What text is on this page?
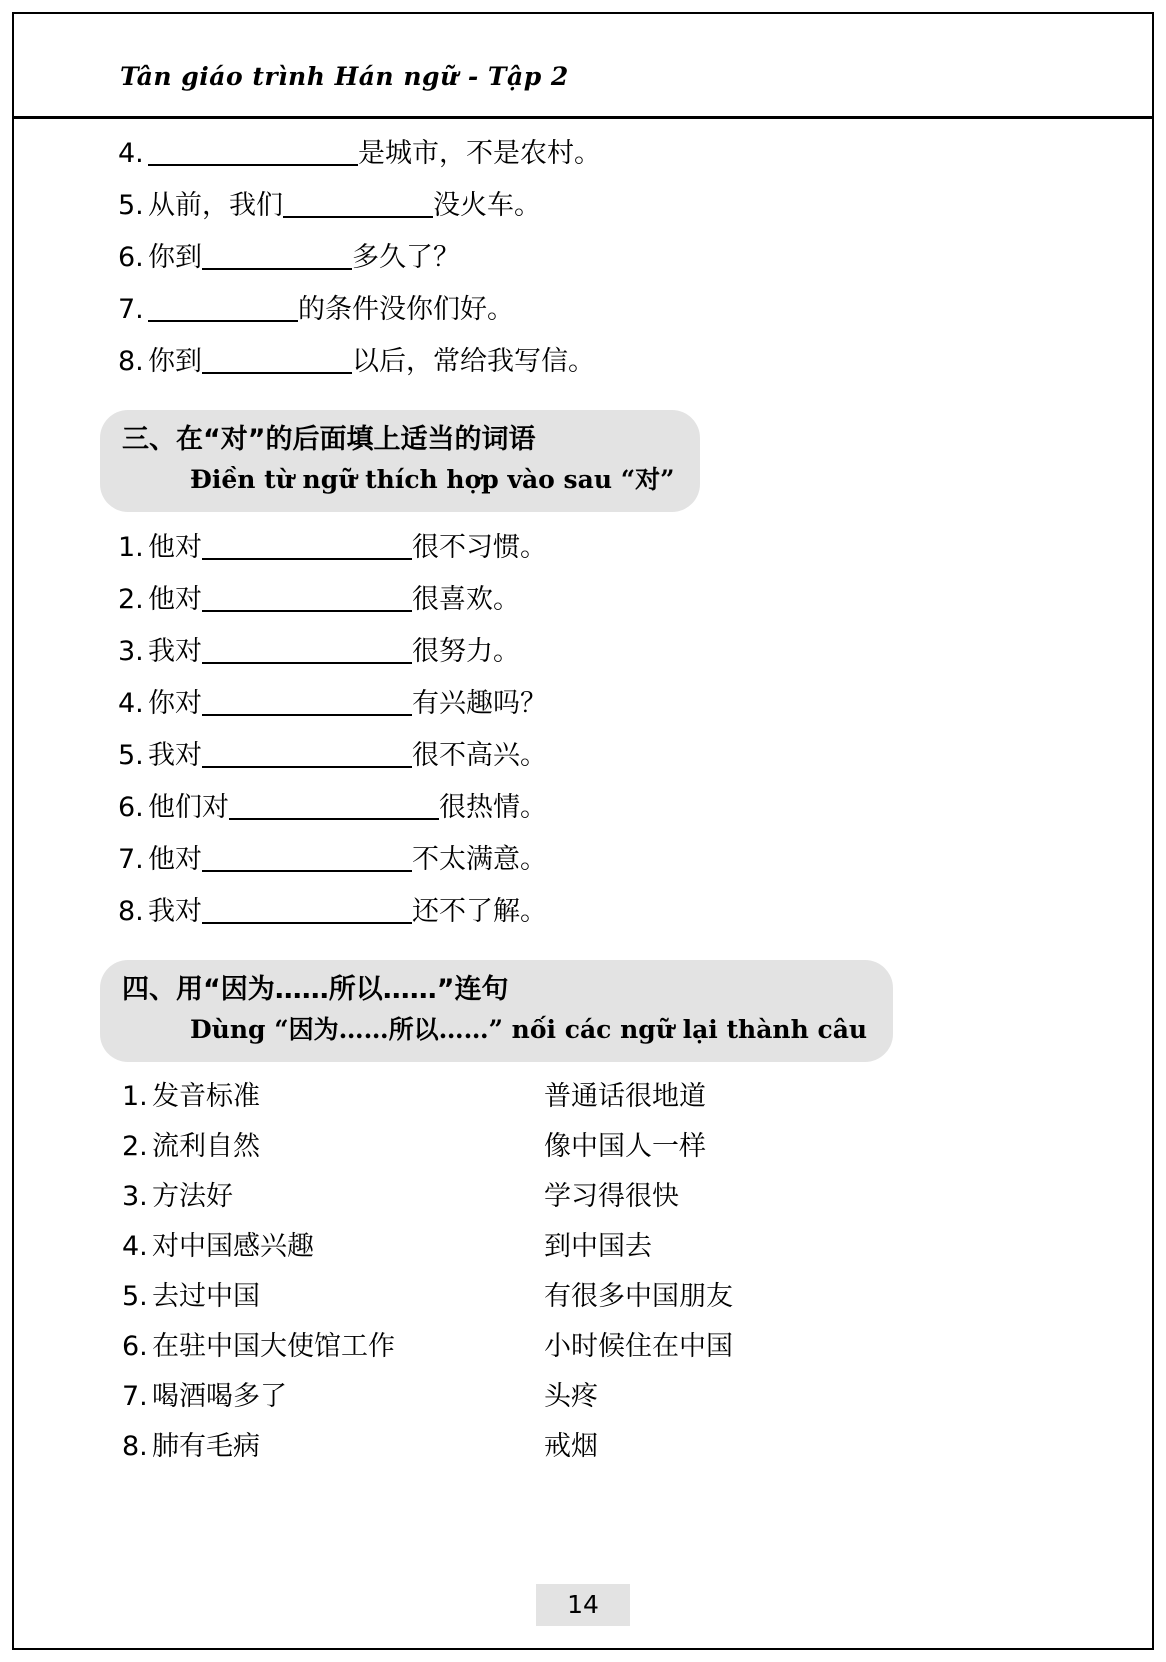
Tân giáo trình Hán ngữ - Tập 2
4.	是城市，不是农村。
5. 从前，我们	没火车。
6. 你到	多久了？
7.	的条件没你们好。
8. 你到	以后，常给我写信。
三、在“对”的后面填上适当的词语
Điền từ ngữ thích hợp vào sau “对”
1. 他对	很不习惯。
2. 他对	很喜欢。
3. 我对	很努力。
4. 你对	有兴趣吗？
5. 我对	很不高兴。
6. 他们对	很热情。
7. 他对	不太满意。
8. 我对	还不了解。
四、用“因为……所以……”连句
Dùng “因为……所以……” nối các ngữ lại thành câu
1. 发音标准	普通话很地道
2. 流利自然	像中国人一样
3. 方法好	学习得很快
4. 对中国感兴趣	到中国去
5. 去过中国	有很多中国朋友
6. 在驻中国大使馆工作	小时候住在中国
7. 喝酒喝多了	头疼
8. 肺有毛病	戒烟
14
